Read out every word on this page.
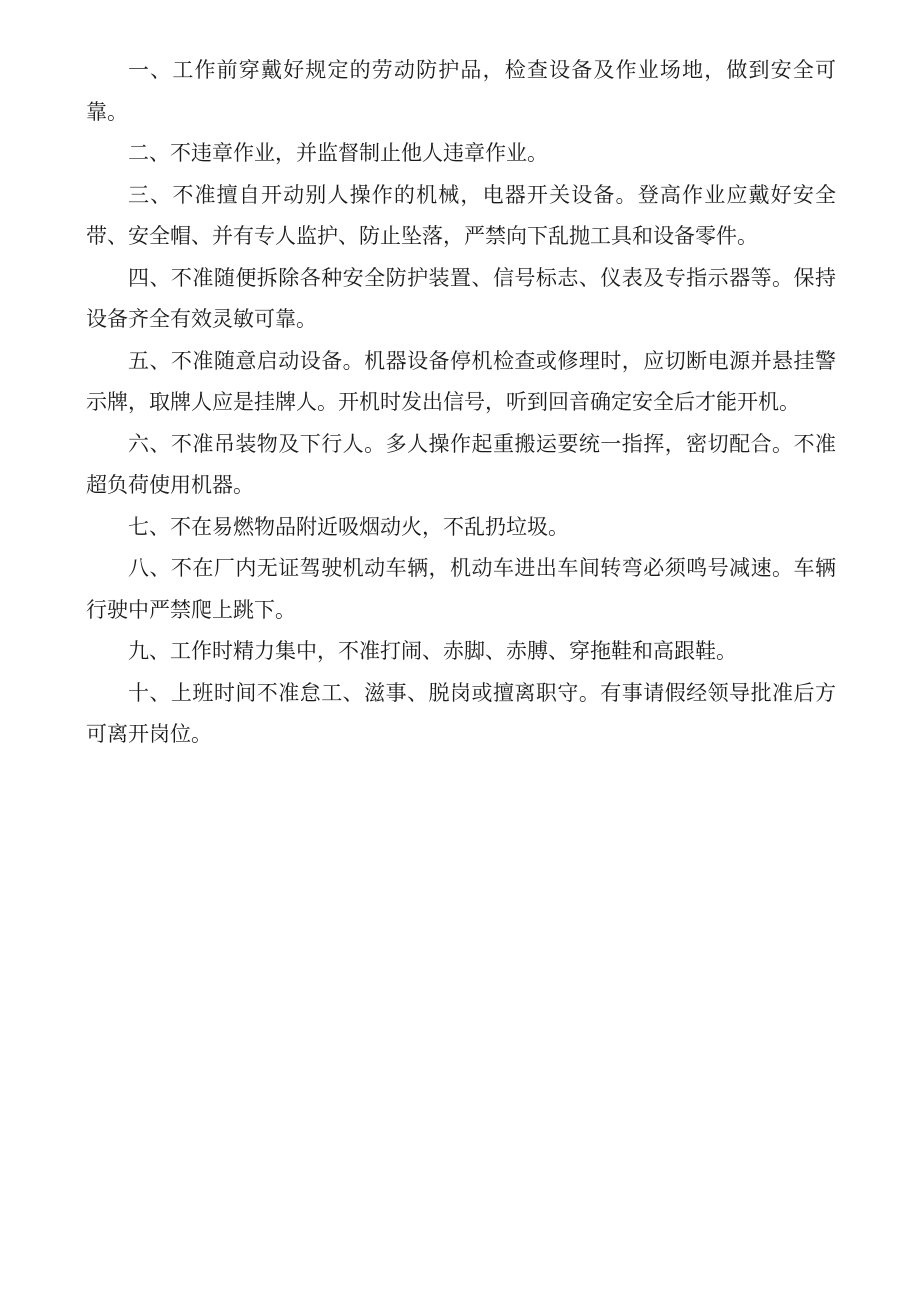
一、工作前穿戴好规定的劳动防护品，检查设备及作业场地，做到安全可靠。

二、不违章作业，并监督制止他人违章作业。

三、不准擅自开动别人操作的机械，电器开关设备。登高作业应戴好安全带、安全帽、并有专人监护、防止坠落，严禁向下乱抛工具和设备零件。

四、不准随便拆除各种安全防护装置、信号标志、仪表及专指示器等。保持设备齐全有效灵敏可靠。

五、不准随意启动设备。机器设备停机检查或修理时，应切断电源并悬挂警示牌，取牌人应是挂牌人。开机时发出信号，听到回音确定安全后才能开机。

六、不准吊装物及下行人。多人操作起重搬运要统一指挥，密切配合。不准超负荷使用机器。

七、不在易燃物品附近吸烟动火，不乱扔垃圾。

八、不在厂内无证驾驶机动车辆，机动车进出车间转弯必须鸣号减速。车辆行驶中严禁爬上跳下。

九、工作时精力集中，不准打闹、赤脚、赤膊、穿拖鞋和高跟鞋。

十、上班时间不准怠工、滋事、脱岗或擅离职守。有事请假经领导批准后方可离开岗位。
